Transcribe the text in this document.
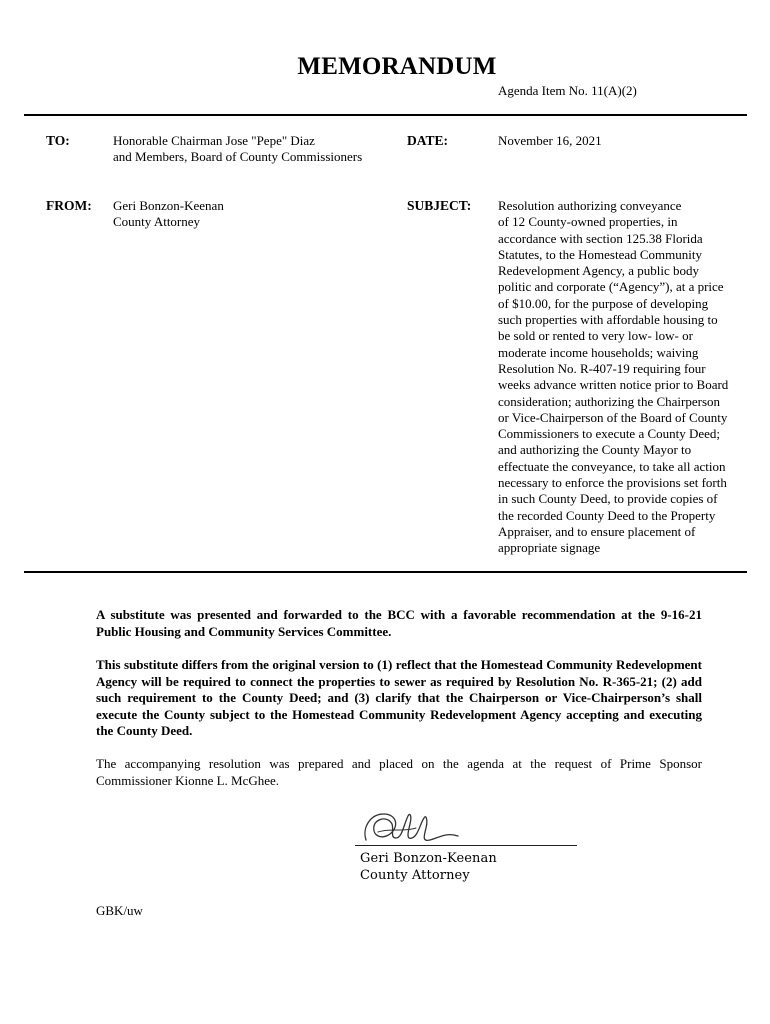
MEMORANDUM
Agenda Item No. 11(A)(2)
TO:	Honorable Chairman Jose "Pepe" Diaz
and Members, Board of County Commissioners
DATE:	November 16, 2021
FROM: Geri Bonzon-Keenan
County Attorney
SUBJECT: Resolution authorizing conveyance
of 12 County-owned properties, in
accordance with section 125.38 Florida
Statutes, to the Homestead Community
Redevelopment Agency, a public body
politic and corporate (“Agency”), at a price
of $10.00, for the purpose of developing
such properties with affordable housing to
be sold or rented to very low- low- or
moderate income households; waiving
Resolution No. R-407-19 requiring four
weeks advance written notice prior to Board
consideration; authorizing the Chairperson
or Vice-Chairperson of the Board of County
Commissioners to execute a County Deed;
and authorizing the County Mayor to
effectuate the conveyance, to take all action
necessary to enforce the provisions set forth
in such County Deed, to provide copies of
the recorded County Deed to the Property
Appraiser, and to ensure placement of
appropriate signage
A substitute was presented and forwarded to the BCC with a favorable recommendation at the 9-16-21 Public Housing and Community Services Committee.
This substitute differs from the original version to (1) reflect that the Homestead Community Redevelopment Agency will be required to connect the properties to sewer as required by Resolution No. R-365-21; (2) add such requirement to the County Deed; and (3) clarify that the Chairperson or Vice-Chairperson’s shall execute the County subject to the Homestead Community Redevelopment Agency accepting and executing the County Deed.
The accompanying resolution was prepared and placed on the agenda at the request of Prime Sponsor Commissioner Kionne L. McGhee.
Geri Bonzon-Keenan
County Attorney
GBK/uw
